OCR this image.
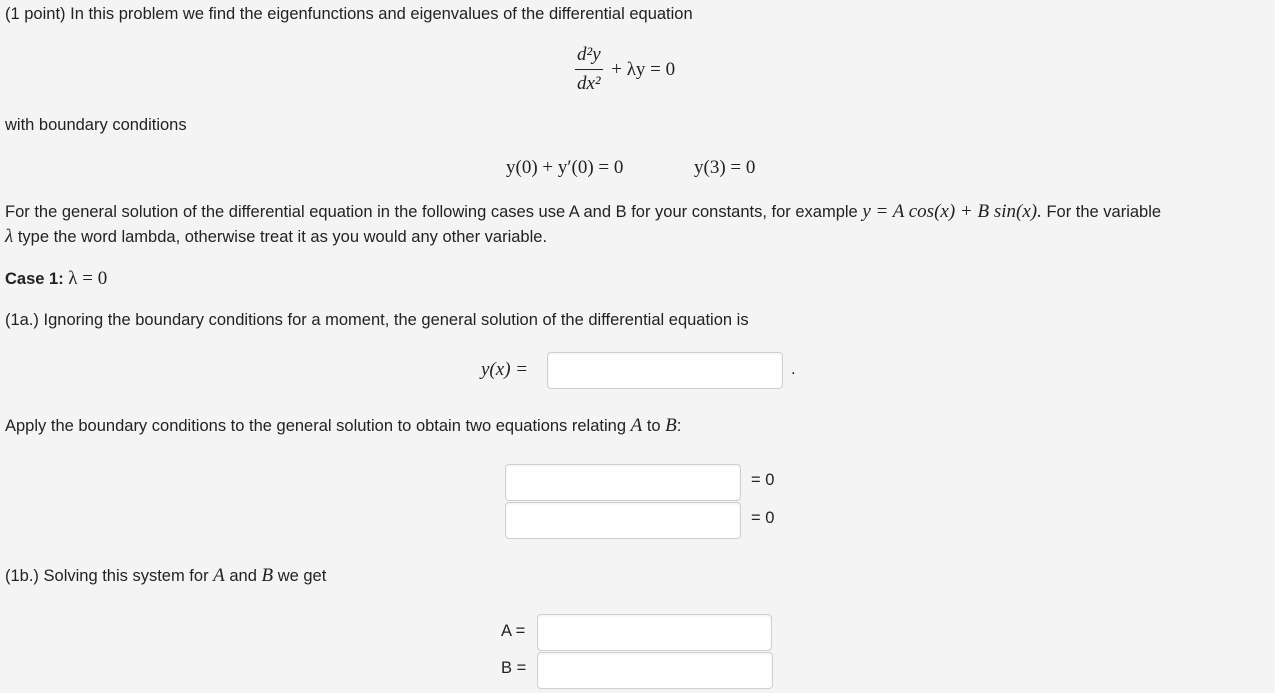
(1 point) In this problem we find the eigenfunctions and eigenvalues of the differential equation
$\frac{\text{d²y}}{\text{dx²}} + \lambda y = 0$
with boundary conditions
y(0) + y′(0) = 0	y(3) = 0
For the general solution of the differential equation in the following cases use A and B for your constants, for example y = A cos(x) + B sin(x). For the variable
λ type the word lambda, otherwise treat it as you would any other variable.
Case 1: λ = 0
(1a.) Ignoring the boundary conditions for a moment, the general solution of the differential equation is
y(x) =	.
Apply the boundary conditions to the general solution to obtain two equations relating A to B:
= 0
= 0
(1b.) Solving this system for A and B we get
A =
B =
